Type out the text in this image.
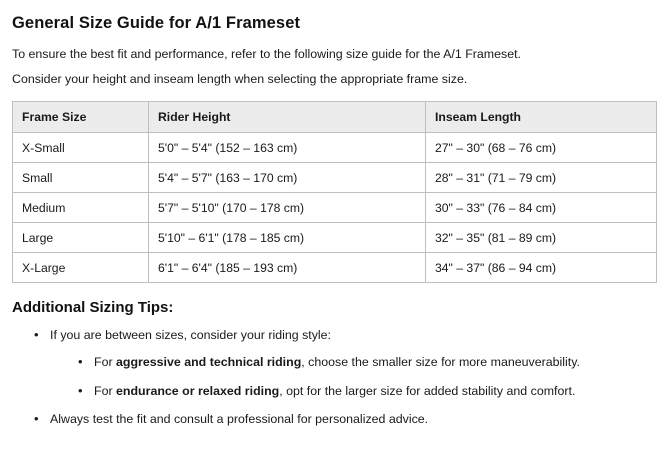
General Size Guide for A/1 Frameset

To ensure the best fit and performance, refer to the following size guide for the A/1 Frameset.

Consider your height and inseam length when selecting the appropriate frame size.

Frame Size	Rider Height	Inseam Length
X-Small	5'0" – 5'4" (152 – 163 cm)	27" – 30" (68 – 76 cm)
Small	5'4" – 5'7" (163 – 170 cm)	28" – 31" (71 – 79 cm)
Medium	5'7" – 5'10" (170 – 178 cm)	30" – 33" (76 – 84 cm)
Large	5'10" – 6'1" (178 – 185 cm)	32" – 35" (81 – 89 cm)
X-Large	6'1" – 6'4" (185 – 193 cm)	34" – 37" (86 – 94 cm)
Additional Sizing Tips:
• If you are between sizes, consider your riding style:
• For aggressive and technical riding, choose the smaller size for more maneuverability.
• For endurance or relaxed riding, opt for the larger size for added stability and comfort.
• Always test the fit and consult a professional for personalized advice.
